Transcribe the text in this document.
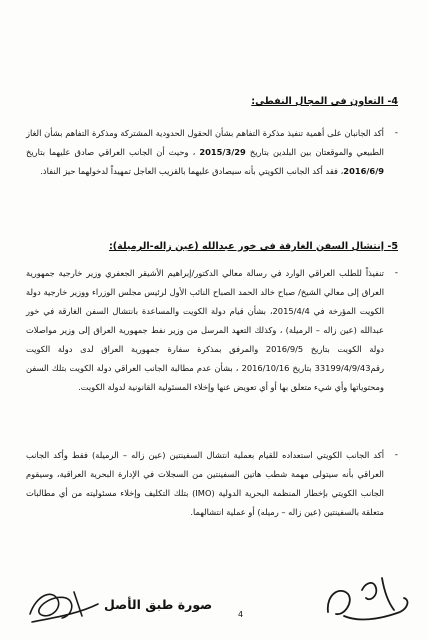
4- التعاون في المجال النفطي:
-
أكد الجانبان على أهمية تنفيذ مذكرة التفاهم بشأن الحقول الحدودية المشتركة ومذكرة التفاهم بشأن الغاز الطبيعي والموقعتان بين البلدين بتاريخ 2015/3/29 ، وحيث أن الجانب العراقي صادق عليهما بتاريخ 2016/6/9، فقد أكد الجانب الكويتي بأنه سيصادق عليهما بالقريب العاجل تمهيداً لدخولهما حيز النفاذ.
5- إنتشال السفن الغارقة في خور عبدالله (عين زاله-الرميلة):
-
تنفيذاً للطلب العراقي الوارد في رسالة معالي الدكتور/إبراهيم الأشيقر الجعفري وزير خارجية جمهورية العراق إلى معالي الشيخ/ صباح خالد الحمد الصباح النائب الأول لرئيس مجلس الوزراء ووزير خارجية دولة الكويت المؤرخة في 2015/4/4، بشأن قيام دولة الكويت والمساعدة بانتشال السفن الغارقة في خور عبدالله (عين زاله – الرميلة) ، وكذلك التعهد المرسل من وزير نفط جمهورية العراق إلى وزير مواصلات دولة الكويت بتاريخ 2016/9/5 والمرفق بمذكرة سفارة جمهورية العراق لدى دولة الكويت رقم33199/4/9/43 بتاريخ 2016/10/16 ، بشأن عدم مطالبة الجانب العراقي دولة الكويت بتلك السفن ومحتوياتها وأي شيء متعلق بها أو أي تعويض عنها وإخلاء المسئولية القانونية لدولة الكويت.
-
أكد الجانب الكويتي استعداده للقيام بعملية انتشال السفينتين (عين زاله – الرميلة) فقط وأكد الجانب العراقي بأنه سيتولى مهمة شطب هاتين السفينتين من السجلات في الإدارة البحرية العراقية، وسيقوم الجانب الكويتي بإخطار المنظمة البحرية الدولية (IMO) بتلك التكليف وإخلاء مسئوليته من أي مطالبات متعلقة بالسفينتين (عين زاله – رميله) أو عملية انتشالهما.
صورة طبق الأصل
4
